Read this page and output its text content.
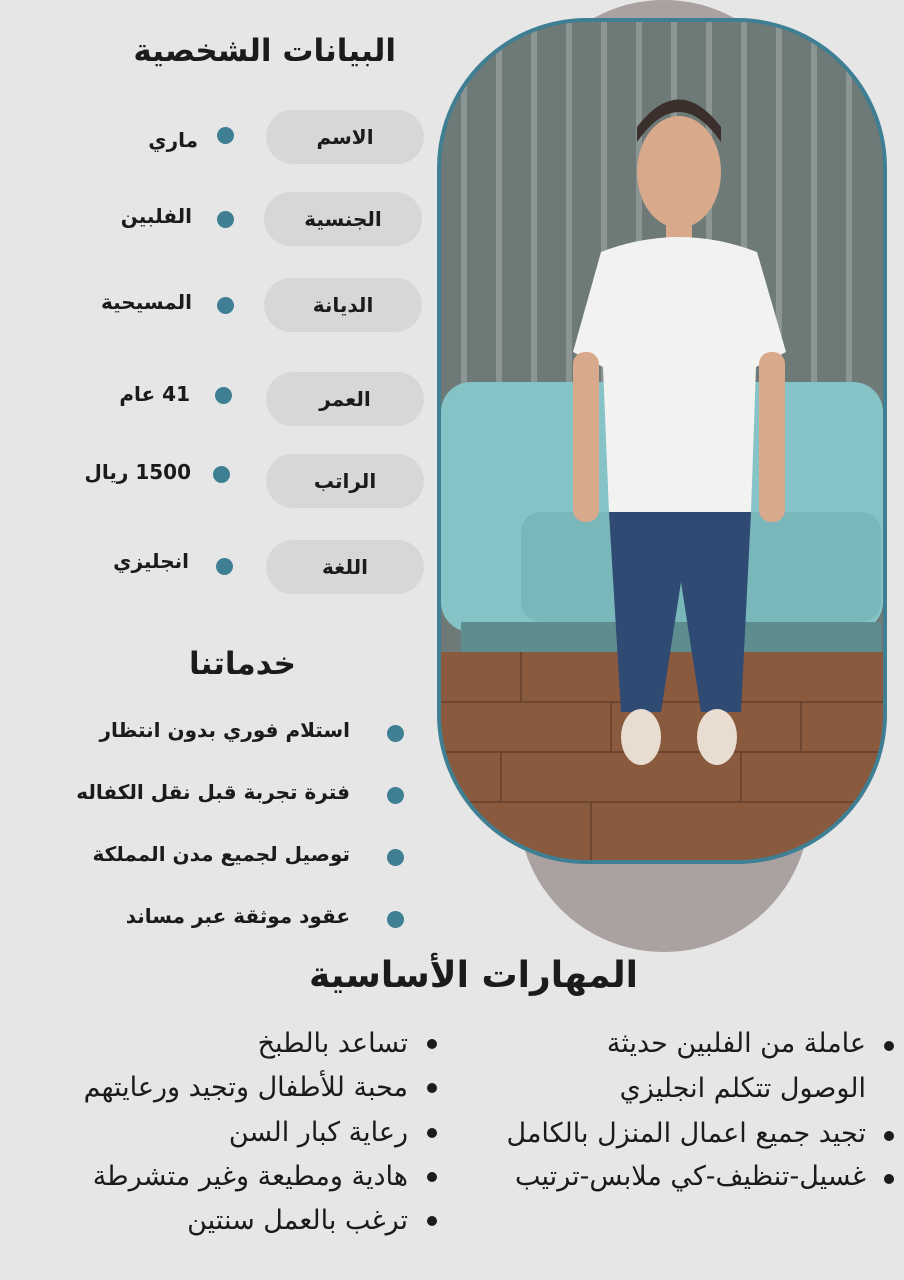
البيانات الشخصية
الاسم
ماري
الجنسية
الفلبين
الديانة
المسيحية
العمر
41 عام
الراتب
1500 ريال
اللغة
انجليزي
خدماتنا
استلام فوري بدون انتظار
فترة تجربة قبل نقل الكفاله
توصيل لجميع مدن المملكة
عقود موثقة عبر مساند
المهارات الأساسية
عاملة من الفلبين حديثة
الوصول تتكلم انجليزي
تجيد جميع اعمال المنزل بالكامل
غسيل-تنظيف-كي ملابس-ترتيب
تساعد بالطبخ
محبة للأطفال وتجيد ورعايتهم
رعاية كبار السن
هادية ومطيعة وغير متشرطة
ترغب بالعمل سنتين
